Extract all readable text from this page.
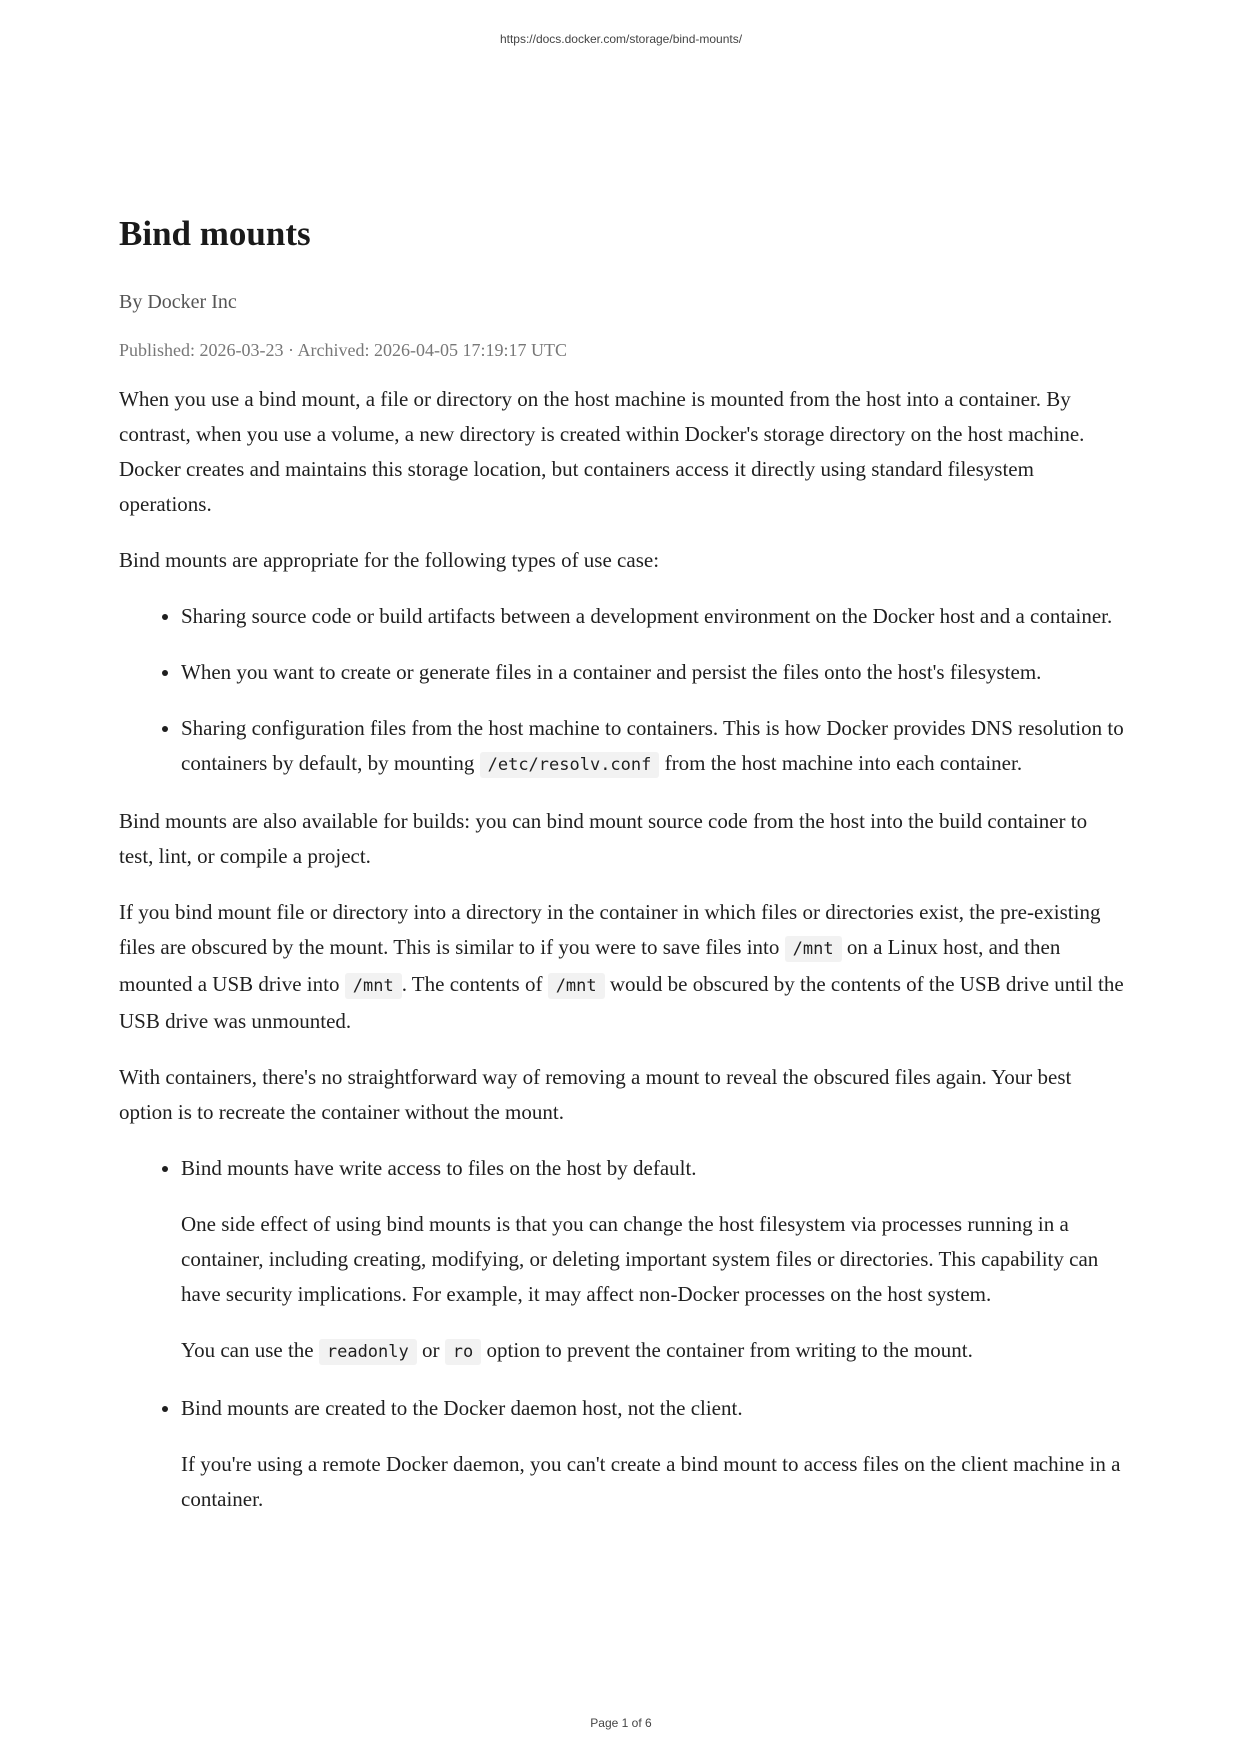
https://docs.docker.com/storage/bind-mounts/
Bind mounts
By Docker Inc
Published: 2026-03-23 · Archived: 2026-04-05 17:19:17 UTC

When you use a bind mount, a file or directory on the host machine is mounted from the host into a container. By contrast, when you use a volume, a new directory is created within Docker's storage directory on the host machine. Docker creates and maintains this storage location, but containers access it directly using standard filesystem operations.

Bind mounts are appropriate for the following types of use case:

• Sharing source code or build artifacts between a development environment on the Docker host and a container.
• When you want to create or generate files in a container and persist the files onto the host's filesystem.
• Sharing configuration files from the host machine to containers. This is how Docker provides DNS resolution to containers by default, by mounting /etc/resolv.conf from the host machine into each container.

Bind mounts are also available for builds: you can bind mount source code from the host into the build container to test, lint, or compile a project.

If you bind mount file or directory into a directory in the container in which files or directories exist, the pre-existing files are obscured by the mount. This is similar to if you were to save files into /mnt on a Linux host, and then mounted a USB drive into /mnt . The contents of /mnt would be obscured by the contents of the USB drive until the USB drive was unmounted.

With containers, there's no straightforward way of removing a mount to reveal the obscured files again. Your best option is to recreate the container without the mount.

• Bind mounts have write access to files on the host by default.

One side effect of using bind mounts is that you can change the host filesystem via processes running in a container, including creating, modifying, or deleting important system files or directories. This capability can have security implications. For example, it may affect non-Docker processes on the host system.

You can use the readonly or ro option to prevent the container from writing to the mount.

• Bind mounts are created to the Docker daemon host, not the client.

If you're using a remote Docker daemon, you can't create a bind mount to access files on the client machine in a container.

Page 1 of 6
